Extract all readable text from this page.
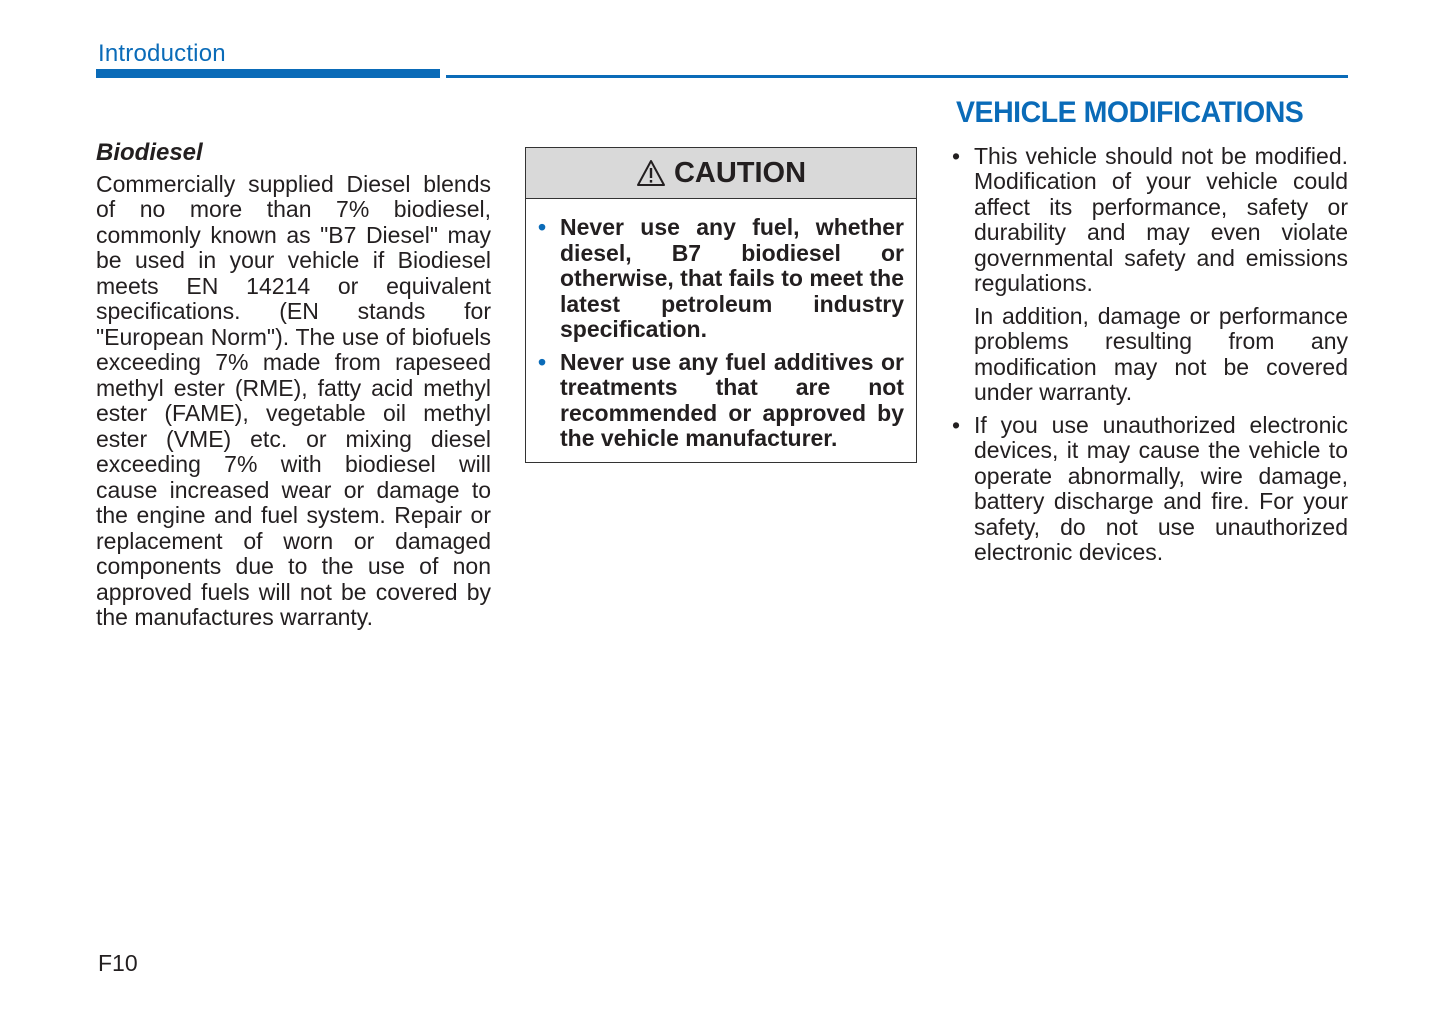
Introduction
Biodiesel

Commercially supplied Diesel blends of no more than 7% biodiesel, commonly known as "B7 Diesel" may be used in your vehicle if Biodiesel meets EN 14214 or equivalent specifications. (EN stands for "European Norm"). The use of biofuels exceeding 7% made from rapeseed methyl ester (RME), fatty acid methyl ester (FAME), vegetable oil methyl ester (VME) etc. or mixing diesel exceeding 7% with biodiesel will cause increased wear or damage to the engine and fuel system. Repair or replacement of worn or damaged components due to the use of non approved fuels will not be covered by the manufactures warranty.

CAUTION
• Never use any fuel, whether diesel, B7 biodiesel or otherwise, that fails to meet the latest petroleum industry specification.
• Never use any fuel additives or treatments that are not recommended or approved by the vehicle manufacturer.
VEHICLE MODIFICATIONS
• This vehicle should not be modified. Modification of your vehicle could affect its performance, safety or durability and may even violate governmental safety and emissions regulations.

In addition, damage or performance problems resulting from any modification may not be covered under warranty.

• If you use unauthorized electronic devices, it may cause the vehicle to operate abnormally, wire damage, battery discharge and fire. For your safety, do not use unauthorized electronic devices.

F10
